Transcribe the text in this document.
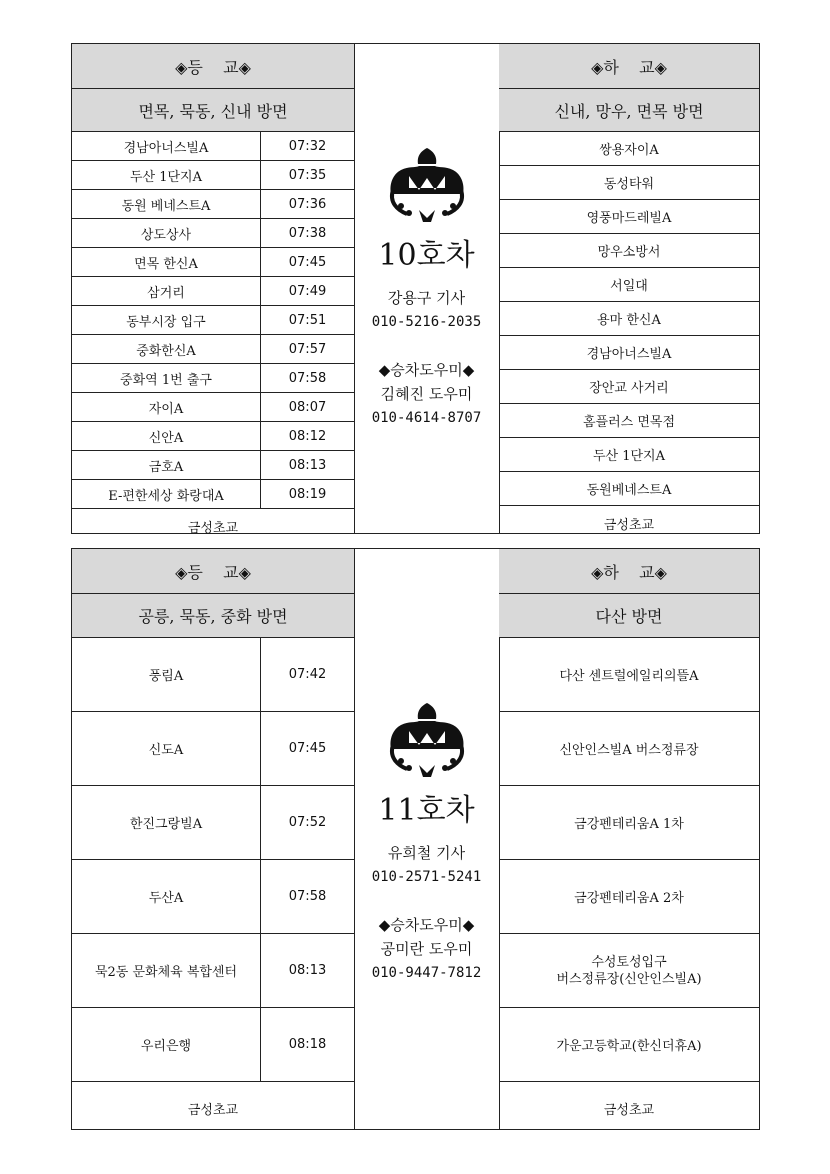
◈등    교◈
면목, 묵동, 신내 방면
경남아너스빌A	07:32
두산 1단지A	07:35
동원 베네스트A	07:36
상도상사	07:38
면목 한신A	07:45
삼거리	07:49
동부시장 입구	07:51
중화한신A	07:57
중화역 1번 출구	07:58
자이A	08:07
신안A	08:12
금호A	08:13
E-편한세상 화랑대A	08:19
금성초교
10호차
강용구 기사
010-5216-2035
◆승차도우미◆
김혜진 도우미
010-4614-8707
◈하    교◈
신내, 망우, 면목 방면
쌍용자이A
동성타워
영풍마드레빌A
망우소방서
서일대
용마 한신A
경남아너스빌A
장안교 사거리
홈플러스 면목점
두산 1단지A
동원베네스트A
금성초교
◈등    교◈
공릉, 묵동, 중화 방면
풍림A	07:42
신도A	07:45
한진그랑빌A	07:52
두산A	07:58
묵2동 문화체육 복합센터	08:13
우리은행	08:18
금성초교
11호차
유희철 기사
010-2571-5241
◆승차도우미◆
공미란 도우미
010-9447-7812
◈하    교◈
다산 방면
다산 센트럴에일리의뜰A
신안인스빌A 버스정류장
금강펜테리움A 1차
금강펜테리움A 2차
수성토성입구
버스정류장(신안인스빌A)
가운고등학교(한신더휴A)
금성초교
